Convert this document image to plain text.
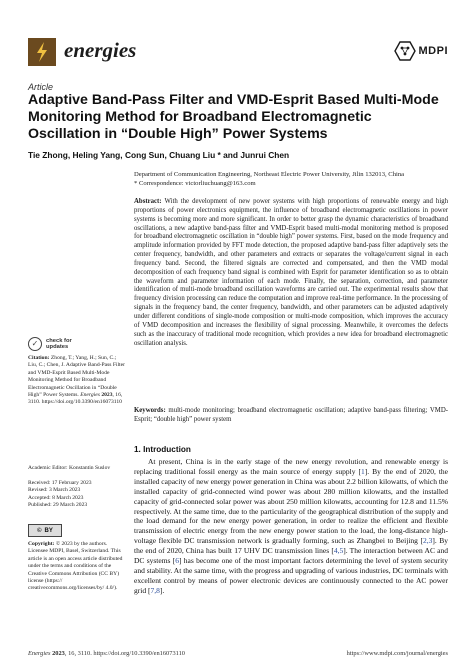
energies	MDPI
Article
Adaptive Band-Pass Filter and VMD-Esprit Based Multi-Mode Monitoring Method for Broadband Electromagnetic Oscillation in “Double High” Power Systems
Tie Zhong, Heling Yang, Cong Sun, Chuang Liu * and Junrui Chen
Department of Communication Engineering, Northeast Electric Power University, Jilin 132013, China
* Correspondence: victorliuchuang@163.com
Abstract: With the development of new power systems with high proportions of renewable energy and high proportions of power electronics equipment, the influence of broadband electromagnetic oscillations in power systems is becoming more and more significant. In order to better grasp the dynamic characteristics of broadband oscillations, a new adaptive band-pass filter and VMD-Esprit based multi-modal monitoring method is proposed for broadband electromagnetic oscillation in “double high” power systems. First, based on the mode frequency and amplitude information provided by FFT mode detection, the proposed adaptive band-pass filter adaptively sets the center frequency, bandwidth, and other parameters and extracts or separates the voltage/current signal in each frequency band. Second, the filtered signals are corrected and compensated, and then the VMD modal decomposition of each frequency band signal is combined with Esprit for parameter identification so as to obtain the waveform and parameter information of each mode. Finally, the separation, correction, and parameter identification of multi-mode broadband oscillation waveforms are carried out. The experimental results show that frequency division processing can reduce the computation and improve real-time performance. In the processing of signals in the frequency band, the center frequency, bandwidth, and other parameters can be adjusted adaptively under different conditions of single-mode composition or multi-mode composition, which improves the accuracy of VMD decomposition and increases the flexibility of signal processing. Meanwhile, it overcomes the defects such as the inaccuracy of traditional mode recognition, which provides a new idea for broadband electromagnetic oscillation analysis.
Keywords: multi-mode monitoring; broadband electromagnetic oscillation; adaptive band-pass filtering; VMD-Esprit; “double high” power system
✓	check for
updates
Citation: Zhong, T.; Yang, H.; Sun, C.; Liu, C.; Chen, J. Adaptive Band-Pass Filter and VMD-Esprit Based Multi-Mode Monitoring Method for Broadband Electromagnetic Oscillation in “Double High” Power Systems. Energies 2023, 16, 3110. https://doi.org/10.3390/en16073110
Academic Editor: Konstantin Suslov
Received: 17 February 2023
Revised: 3 March 2023
Accepted: 8 March 2023
Published: 29 March 2023
© BY
Copyright: © 2023 by the authors. Licensee MDPI, Basel, Switzerland. This article is an open access article distributed under the terms and conditions of the Creative Commons Attribution (CC BY) license (https:// creativecommons.org/licenses/by/ 4.0/).
1. Introduction
At present, China is in the early stage of the new energy revolution, and renewable energy is replacing traditional fossil energy as the main source of energy supply [1]. By the end of 2020, the installed capacity of new energy power generation in China was about 2.2 billion kilowatts, of which the installed capacity of grid-connected wind power was about 280 million kilowatts, and the installed capacity of grid-connected solar power was about 250 million kilowatts, accounting for 12.8 and 11.5% respectively. At the same time, due to the particularity of the geographical distribution of the supply and the load demand for the new energy power generation, in order to realize the efficient and flexible transmission of electric energy from the new energy power station to the load, the long-distance high-voltage flexible DC transmission network is gradually forming, such as Zhangbei to Beijing [2,3]. By the end of 2020, China has built 17 UHV DC transmission lines [4,5]. The interaction between AC and DC systems [6] has become one of the most important factors determining the level of system security and stability. At the same time, with the progress and upgrading of various industries, DC terminals with excellent control by means of power electronic devices are continuously connected to the AC power grid [7,8].
Energies 2023, 16, 3110. https://doi.org/10.3390/en16073110	https://www.mdpi.com/journal/energies
